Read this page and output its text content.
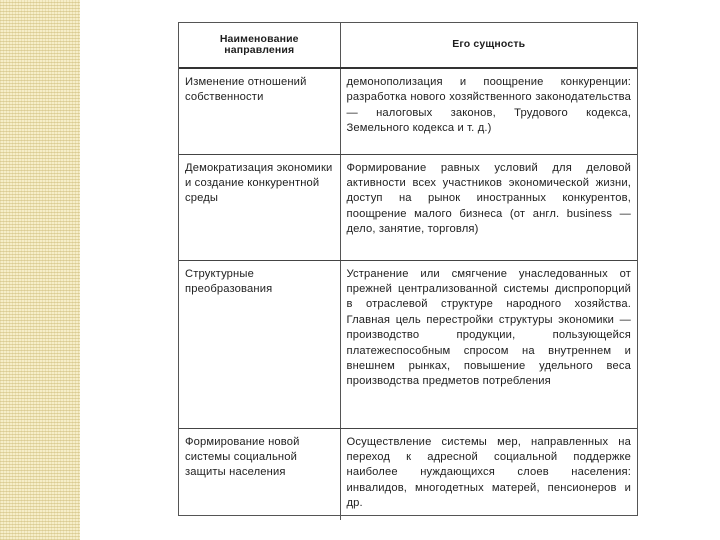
Наименование направления	Его сущность
Изменение отношений собственности	демонополизация и поощрение конкуренции: разработка нового хозяйственного законодательства — налоговых законов, Трудового кодекса, Земельного кодекса и т. д.)
Демократизация экономики и создание конкурентной среды	Формирование равных условий для деловой активности всех участников экономической жизни, доступ на рынок иностранных конкурентов, поощрение малого бизнеса (от англ. business — дело, занятие, торговля)
Структурные преобразования	Устранение или смягчение унаследованных от прежней централизованной системы диспропорций в отраслевой структуре народного хозяйства. Главная цель перестройки структуры экономики — производство продукции, пользующейся платежеспособным спросом на внутреннем и внешнем рынках, повышение удельного веса производства предметов потребления
Формирование новой системы социальной защиты населения	Осуществление системы мер, направленных на переход к адресной социальной поддержке наиболее нуждающихся слоев населения: инвалидов, многодетных матерей, пенсионеров и др.
